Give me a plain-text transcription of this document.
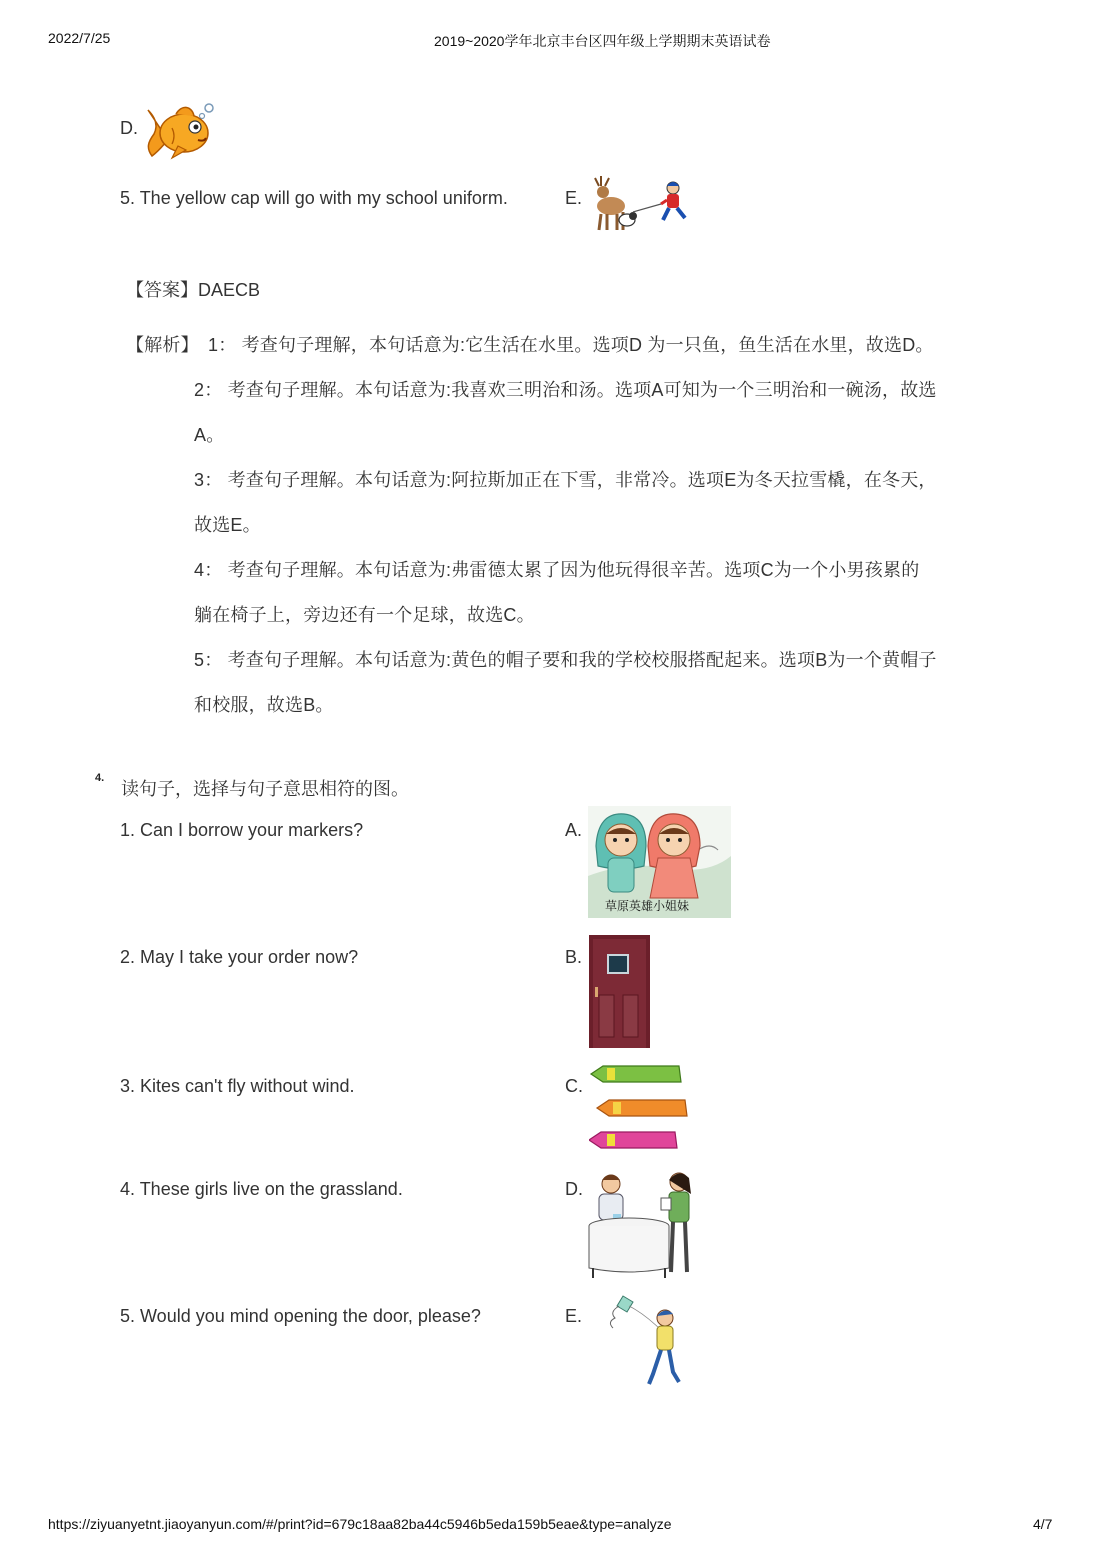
2022/7/25	2019~2020学年北京丰台区四年级上学期期末英语试卷
D.
5. The yellow cap will go with my school uniform.	E.
【答案】DAECB
【解析】 1： 考查句子理解，本句话意为:它生活在水里。选项D 为一只鱼，鱼生活在水里，故选D。
2： 考查句子理解。本句话意为:我喜欢三明治和汤。选项A可知为一个三明治和一碗汤，故选
A。
3： 考查句子理解。本句话意为:阿拉斯加正在下雪，非常冷。选项E为冬天拉雪橇，在冬天，
故选E。
4： 考查句子理解。本句话意为:弗雷德太累了因为他玩得很辛苦。选项C为一个小男孩累的
躺在椅子上，旁边还有一个足球，故选C。
5： 考查句子理解。本句话意为:黄色的帽子要和我的学校校服搭配起来。选项B为一个黄帽子
和校服，故选B。
4.
读句子，选择与句子意思相符的图。
1. Can I borrow your markers?	A.
草原英雄小姐妹
2. May I take your order now?	B.
3. Kites can't fly without wind.	C.
4. These girls live on the grassland.	D.
5. Would you mind opening the door, please?	E.
https://ziyuanyetnt.jiaoyanyun.com/#/print?id=679c18aa82ba44c5946b5eda159b5eae&type=analyze	4/7
